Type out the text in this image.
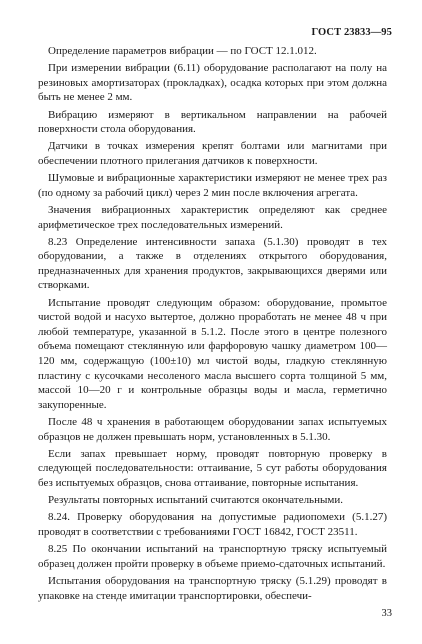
ГОСТ 23833—95

Определение параметров вибрации — по ГОСТ 12.1.012.

При измерении вибрации (6.11) оборудование располагают на полу на резиновых амортизаторах (прокладках), осадка которых при этом должна быть не менее 2 мм.

Вибрацию измеряют в вертикальном направлении на рабочей поверхности стола оборудования.

Датчики в точках измерения крепят болтами или магнитами при обеспечении плотного прилегания датчиков к поверхности.

Шумовые и вибрационные характеристики измеряют не менее трех раз (по одному за рабочий цикл) через 2 мин после включения агрегата.

Значения вибрационных характеристик определяют как среднее арифметическое трех последовательных измерений.

8.23 Определение интенсивности запаха (5.1.30) проводят в тех оборудовании, а также в отделениях открытого оборудования, предназначенных для хранения продуктов, закрывающихся дверями или створками.

Испытание проводят следующим образом: оборудование, промытое чистой водой и насухо вытертое, должно проработать не менее 48 ч при любой температуре, указанной в 5.1.2. После этого в центре полезного объема помещают стеклянную или фарфоровую чашку диаметром 100—120 мм, содержащую (100±10) мл чистой воды, гладкую стеклянную пластину с кусочками несоленого масла высшего сорта толщиной 5 мм, массой 10—20 г и контрольные образцы воды и масла, герметично закупоренные.

После 48 ч хранения в работающем оборудовании запах испытуемых образцов не должен превышать норм, установленных в 5.1.30.

Если запах превышает норму, проводят повторную проверку в следующей последовательности: оттаивание, 5 сут работы оборудования без испытуемых образцов, снова оттаивание, повторные испытания.

Результаты повторных испытаний считаются окончательными.

8.24. Проверку оборудования на допустимые радиопомехи (5.1.27) проводят в соответствии с требованиями ГОСТ 16842, ГОСТ 23511.

8.25 По окончании испытаний на транспортную тряску испытуемый образец должен пройти проверку в объеме приемо-сдаточных испытаний.

Испытания оборудования на транспортную тряску (5.1.29) проводят в упаковке на стенде имитации транспортировки, обеспечи-

33
